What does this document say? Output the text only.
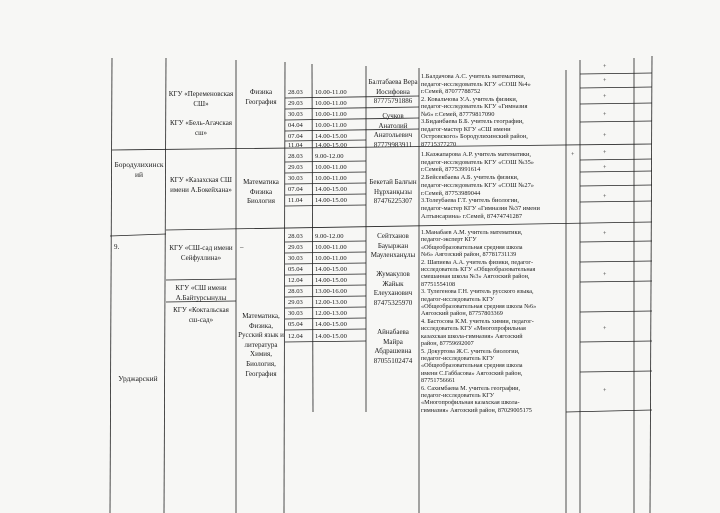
9.
Бородулихинский
Урджарский
КГУ «Переменовская СШ»
КГУ «Бель-Агачская сш»
Физика
География
28.03
29.03
30.03
04.04
07.04
11.04
10.00-11.00
10.00-11.00
10.00-11.00
10.00-11.00
14.00-15.00
14.00-15.00
Балтабаева Вера Иосифовна 87775791886
Сучков Анатолий Анатольевич 87779983911
1.Балдачова А.С. учитель математики,
педагог-исследователь КГУ «СОШ №4»
г.Семей, 87077788752
2. Ковальчова У.А. учитель физики,
педагог-исследователь КГУ «Гимназия
№6» г.Семей, 87779817090
3.Биданбаева Б.Б. учитель географии,
педагог-мастер КГУ «СШ имени
Островского» Бородулихинский район,
87715377270
КГУ «Казахская СШ имени А.Бокейхана»
Математика
Физика
Биология
28.03
29.03
30.03
07.04
11.04
9.00-12.00
10.00-11.00
10.00-11.00
14.00-15.00
14.00-15.00
Бекетай Балғын Нұрханқызы 87476225307
1.Казжапарова А.Р. учитель математики,
педагог-исследователь КГУ «СОШ №35»
г.Семей, 87753991614
2.Бейсекбаева А.Б. учитель физики,
педагог-исследователь КГУ «СОШ №27»
г.Семей, 87753989044
3.Толеубаева Г.Т. учитель биологии,
педагог-мастер КГУ «Гимназия №37 имени
Алтынсарина» г.Семей, 87474741287
КГУ «СШ-сад имени Сейфуллина»
КГУ «СШ имени А.Байтурсынулы
КГУ «Коктальская сш-сад»
–
Математика,
Физика,
Русский язык и литература
Химия,
Биология,
География
28.03
29.03
30.03
05.04
12.04
28.03
29.03
30.03
05.04
12.04
9.00-12.00
10.00-11.00
10.00-11.00
14.00-15.00
14.00-15.00
13.00-16.00
12.00-13.00
12.00-13.00
14.00-15.00
14.00-15.00
Сейтханов Бауыржан Мауленханұлы
Жумакулов Жайык Елеуханович 87475325970
Айнабаева Майра Абдрашевна 87055102474
1.Манабаев А.М. учитель математики,
педагог-эксперт КГУ
«Общеобразовательная средняя школа
№6» Аягозский район, 87781731139
2. Шапиева А.А. учитель физики, педагог-
исследователь КГУ «Общеобразовательная
смешанная школа №3» Аягозский район,
87751554108
3. Тулегенова Г.Н. учитель русского языка,
педагог-исследователь КГУ
«Общеобразовательная средняя школа №6»
Аягозский район, 87757803369
4. Бастосова К.М. учитель химии, педагог-
исследователь КГУ «Многопрофильная
казахская школа-гимназия» Аягозский
район, 87759692007
5. Докуртова Ж.С. учитель биологии,
педагог-исследователь КГУ
«Общеобразовательная средняя школа
имени С.Габбасова» Аягозский район,
87751756661
6. Сахимбаева М. учитель географии,
педагог-исследователь КГУ
«Многопрофильная казахская школа-
гимназия» Аягозский район, 87029005175
+
+
+
+
+
+	+
+
+
+
+
+
+
